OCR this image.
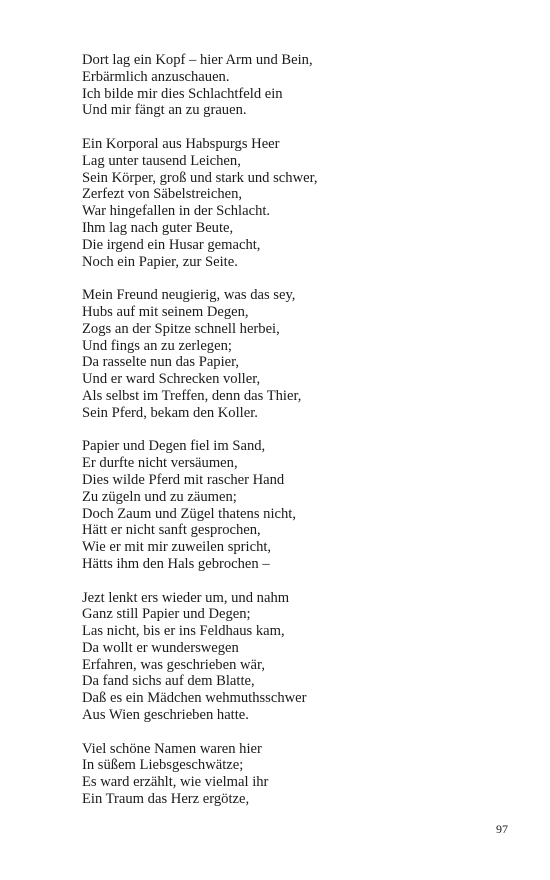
Dort lag ein Kopf – hier Arm und Bein,
Erbärmlich anzuschauen.
Ich bilde mir dies Schlachtfeld ein
Und mir fängt an zu grauen.
Ein Korporal aus Habspurgs Heer
Lag unter tausend Leichen,
Sein Körper, groß und stark und schwer,
Zerfezt von Säbelstreichen,
War hingefallen in der Schlacht.
Ihm lag nach guter Beute,
Die irgend ein Husar gemacht,
Noch ein Papier, zur Seite.
Mein Freund neugierig, was das sey,
Hubs auf mit seinem Degen,
Zogs an der Spitze schnell herbei,
Und fings an zu zerlegen;
Da rasselte nun das Papier,
Und er ward Schrecken voller,
Als selbst im Treffen, denn das Thier,
Sein Pferd, bekam den Koller.
Papier und Degen fiel im Sand,
Er durfte nicht versäumen,
Dies wilde Pferd mit rascher Hand
Zu zügeln und zu zäumen;
Doch Zaum und Zügel thatens nicht,
Hätt er nicht sanft gesprochen,
Wie er mit mir zuweilen spricht,
Hätts ihm den Hals gebrochen –
Jezt lenkt ers wieder um, und nahm
Ganz still Papier und Degen;
Las nicht, bis er ins Feldhaus kam,
Da wollt er wunderswegen
Erfahren, was geschrieben wär,
Da fand sichs auf dem Blatte,
Daß es ein Mädchen wehmuthsschwer
Aus Wien geschrieben hatte.
Viel schöne Namen waren hier
In süßem Liebsgeschwätze;
Es ward erzählt, wie vielmal ihr
Ein Traum das Herz ergötze,
97
